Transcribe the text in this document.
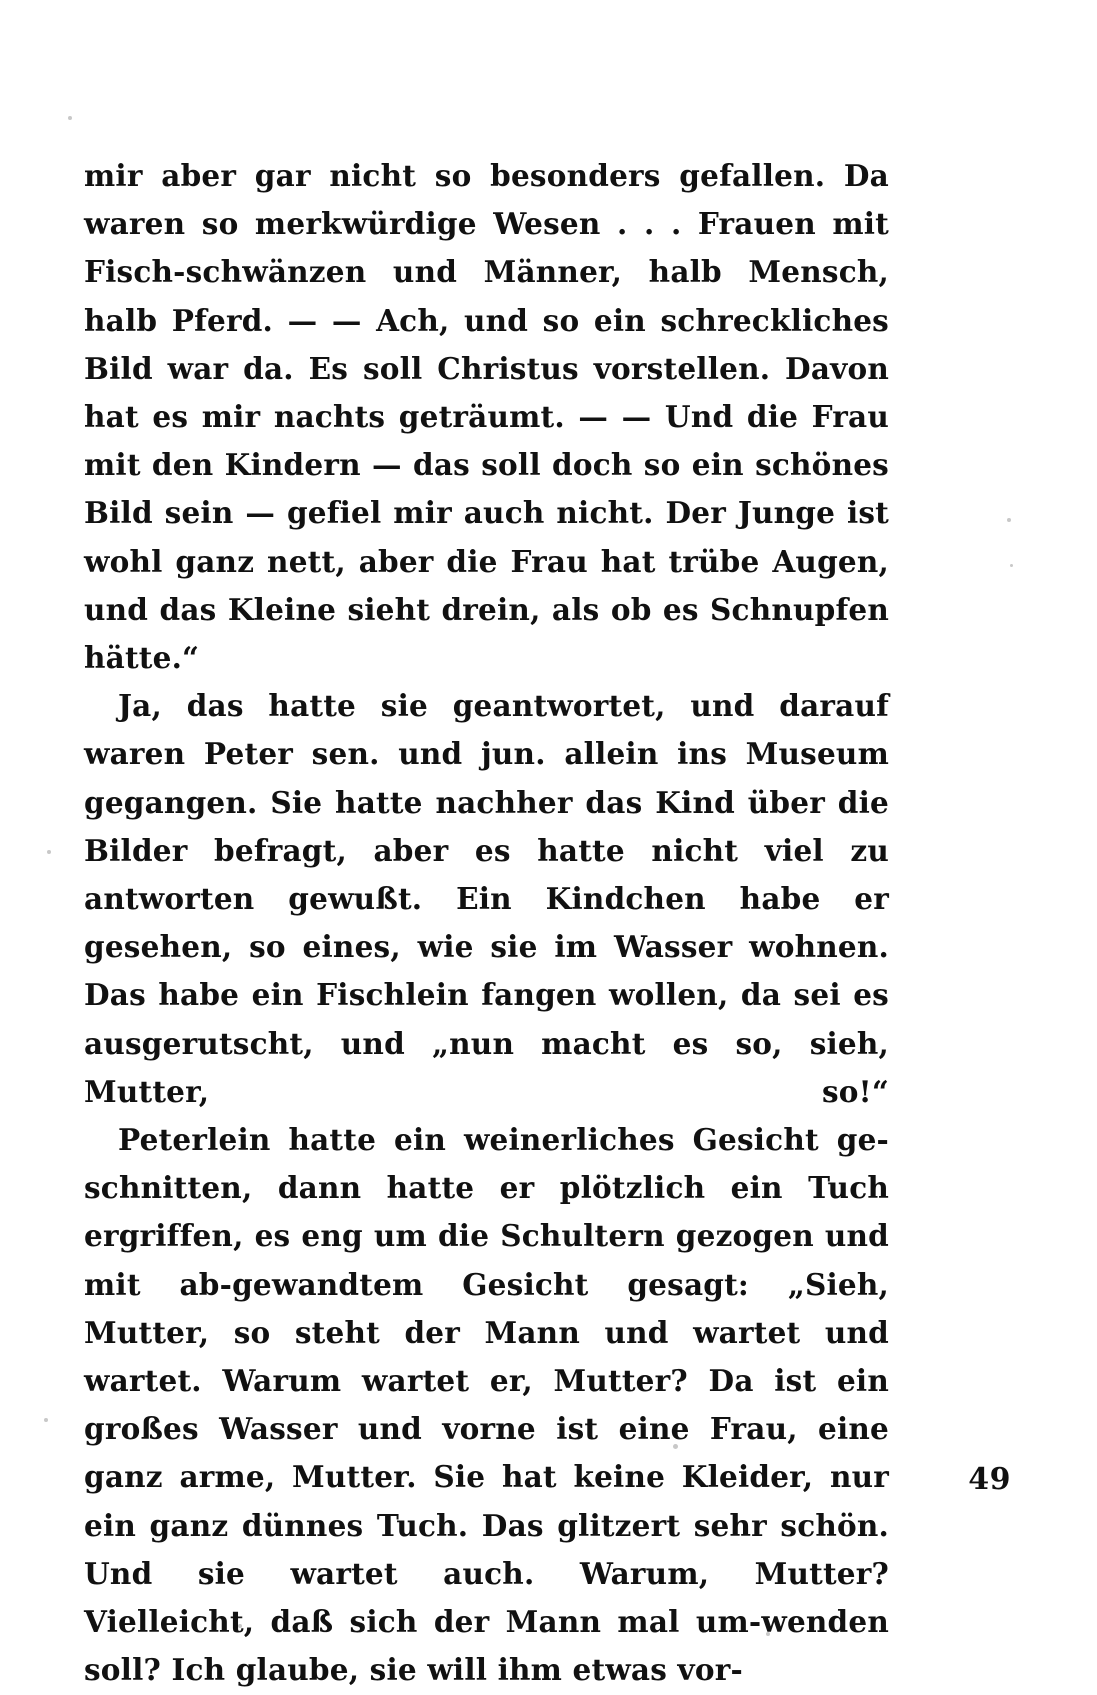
mir aber gar nicht so besonders gefallen. Da waren so merkwürdige Wesen . . . Frauen mit Fisch-schwänzen und Männer, halb Mensch, halb Pferd. — — Ach, und so ein schreckliches Bild war da. Es soll Christus vorstellen. Davon hat es mir nachts geträumt. — — Und die Frau mit den Kindern — das soll doch so ein schönes Bild sein — gefiel mir auch nicht. Der Junge ist wohl ganz nett, aber die Frau hat trübe Augen, und das Kleine sieht drein, als ob es Schnupfen hätte.“

Ja, das hatte sie geantwortet, und darauf waren Peter sen. und jun. allein ins Museum gegangen. Sie hatte nachher das Kind über die Bilder befragt, aber es hatte nicht viel zu antworten gewußt. Ein Kindchen habe er gesehen, so eines, wie sie im Wasser wohnen. Das habe ein Fischlein fangen wollen, da sei es ausgerutscht, und „nun macht es so, sieh, Mutter, so!“

Peterlein hatte ein weinerliches Gesicht ge-schnitten, dann hatte er plötzlich ein Tuch ergriffen, es eng um die Schultern gezogen und mit ab-gewandtem Gesicht gesagt: „Sieh, Mutter, so steht der Mann und wartet und wartet. Warum wartet er, Mutter? Da ist ein großes Wasser und vorne ist eine Frau, eine ganz arme, Mutter. Sie hat keine Kleider, nur ein ganz dünnes Tuch. Das glitzert sehr schön. Und sie wartet auch. Warum, Mutter? Vielleicht, daß sich der Mann mal um-wenden soll? Ich glaube, sie will ihm etwas vor-

49
